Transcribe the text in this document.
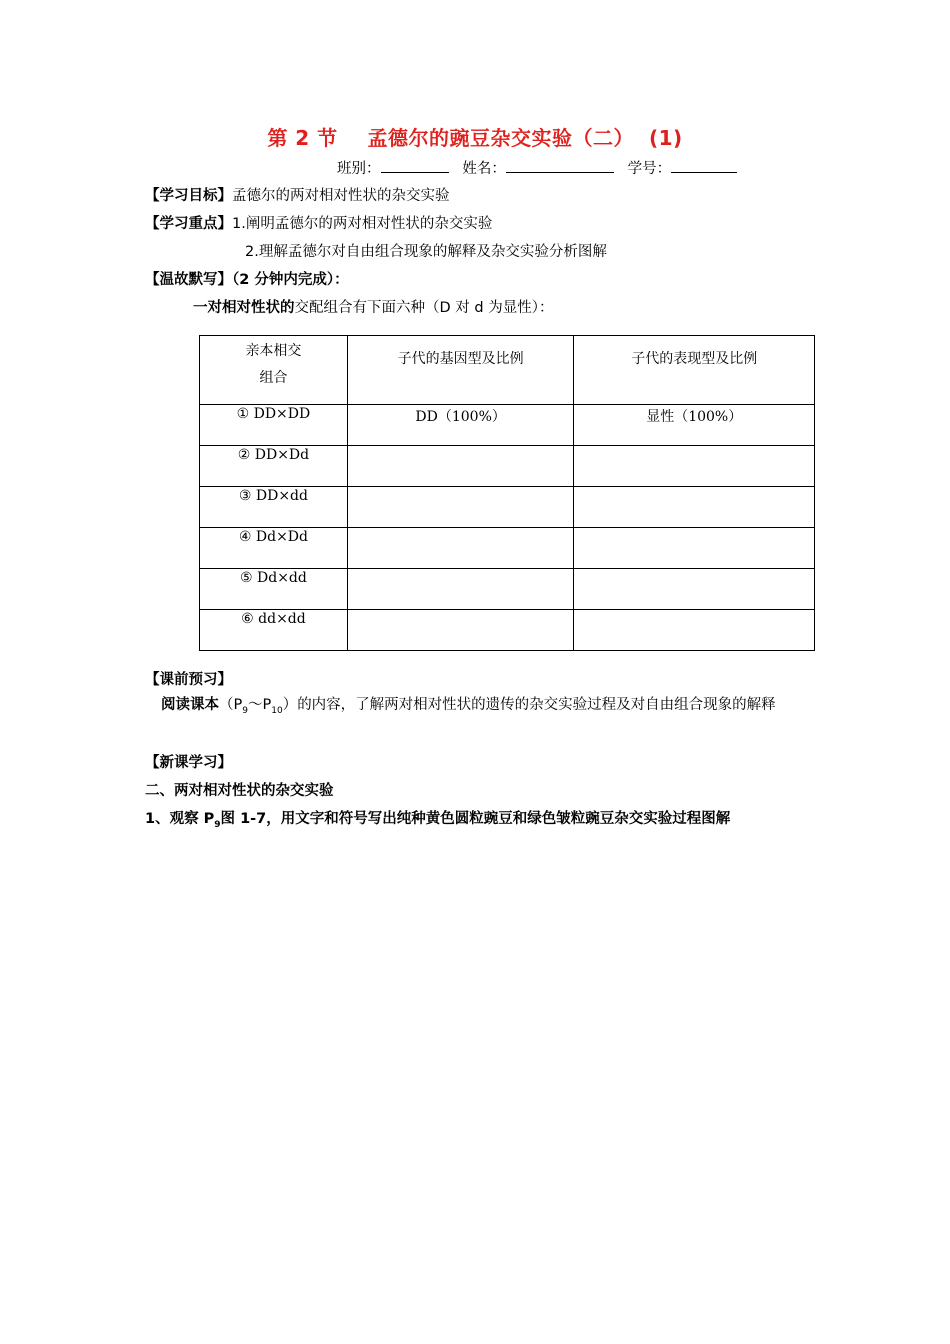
第 2 节    孟德尔的豌豆杂交实验（二）  (1)
班别：	姓名：	学号：
【学习目标】孟德尔的两对相对性状的杂交实验
【学习重点】1.阐明孟德尔的两对相对性状的杂交实验
2.理解孟德尔对自由组合现象的解释及杂交实验分析图解
【温故默写】（2 分钟内完成）：
一对相对性状的交配组合有下面六种（D 对 d 为显性）：
亲本相交组合	子代的基因型及比例	子代的表现型及比例

① DD×DD	DD（100%）	显性（100%）
② DD×Dd		
③ DD×dd		
④ Dd×Dd		
⑤ Dd×dd		
⑥ dd×dd		
【课前预习】
阅读课本$(P_9\sim P_{10})$的内容，了解两对相对性状的遗传的杂交实验过程及对自由组合现象的解释
【新课学习】
二、两对相对性状的杂交实验
1、观察 $P_9$图 1-7，用文字和符号写出纯种黄色圆粒豌豆和绿色皱粒豌豆杂交实验过程图解
